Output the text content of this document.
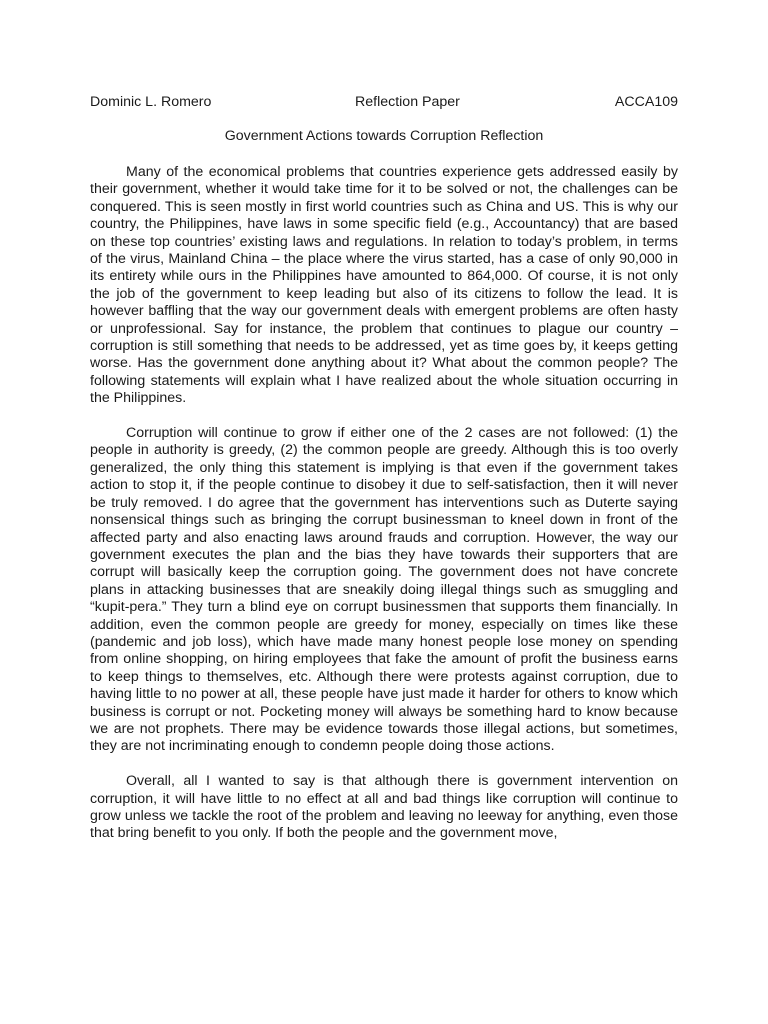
Dominic L. Romero	Reflection Paper	ACCA109
Government Actions towards Corruption Reflection

Many of the economical problems that countries experience gets addressed easily by their government, whether it would take time for it to be solved or not, the challenges can be conquered. This is seen mostly in first world countries such as China and US. This is why our country, the Philippines, have laws in some specific field (e.g., Accountancy) that are based on these top countries’ existing laws and regulations. In relation to today’s problem, in terms of the virus, Mainland China – the place where the virus started, has a case of only 90,000 in its entirety while ours in the Philippines have amounted to 864,000. Of course, it is not only the job of the government to keep leading but also of its citizens to follow the lead. It is however baffling that the way our government deals with emergent problems are often hasty or unprofessional. Say for instance, the problem that continues to plague our country – corruption is still something that needs to be addressed, yet as time goes by, it keeps getting worse. Has the government done anything about it? What about the common people? The following statements will explain what I have realized about the whole situation occurring in the Philippines.

Corruption will continue to grow if either one of the 2 cases are not followed: (1) the people in authority is greedy, (2) the common people are greedy. Although this is too overly generalized, the only thing this statement is implying is that even if the government takes action to stop it, if the people continue to disobey it due to self-satisfaction, then it will never be truly removed. I do agree that the government has interventions such as Duterte saying nonsensical things such as bringing the corrupt businessman to kneel down in front of the affected party and also enacting laws around frauds and corruption. However, the way our government executes the plan and the bias they have towards their supporters that are corrupt will basically keep the corruption going. The government does not have concrete plans in attacking businesses that are sneakily doing illegal things such as smuggling and “kupit-pera.” They turn a blind eye on corrupt businessmen that supports them financially. In addition, even the common people are greedy for money, especially on times like these (pandemic and job loss), which have made many honest people lose money on spending from online shopping, on hiring employees that fake the amount of profit the business earns to keep things to themselves, etc. Although there were protests against corruption, due to having little to no power at all, these people have just made it harder for others to know which business is corrupt or not. Pocketing money will always be something hard to know because we are not prophets. There may be evidence towards those illegal actions, but sometimes, they are not incriminating enough to condemn people doing those actions.

Overall, all I wanted to say is that although there is government intervention on corruption, it will have little to no effect at all and bad things like corruption will continue to grow unless we tackle the root of the problem and leaving no leeway for anything, even those that bring benefit to you only. If both the people and the government move,
